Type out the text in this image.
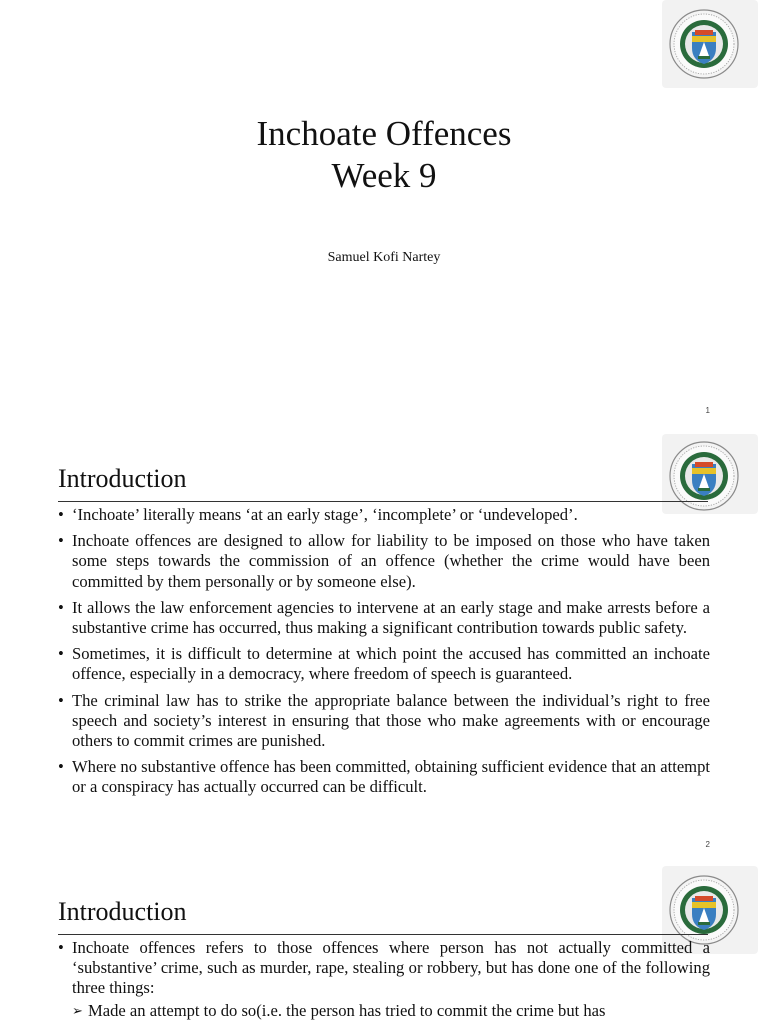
Inchoate Offences
Week 9
Samuel Kofi Nartey
1
Introduction
• ‘Inchoate’ literally means ‘at an early stage’, ‘incomplete’ or ‘undeveloped’.
• Inchoate offences are designed to allow for liability to be imposed on those who have taken some steps towards the commission of an offence (whether the crime would have been committed by them personally or by someone else).
• It allows the law enforcement agencies to intervene at an early stage and make arrests before a substantive crime has occurred, thus making a significant contribution towards public safety.
• Sometimes, it is difficult to determine at which point the accused has committed an inchoate offence, especially in a democracy, where freedom of speech is guaranteed.
• The criminal law has to strike the appropriate balance between the individual’s right to free speech and society’s interest in ensuring that those who make agreements with or encourage others to commit crimes are punished.
• Where no substantive offence has been committed, obtaining sufficient evidence that an attempt or a conspiracy has actually occurred can be difficult.
2
Introduction
• Inchoate offences refers to those offences where person has not actually committed a ‘substantive’ crime, such as murder, rape, stealing or robbery, but has done one of the following three things:
➢ Made an attempt to do so(i.e. the person has tried to commit the crime but has
